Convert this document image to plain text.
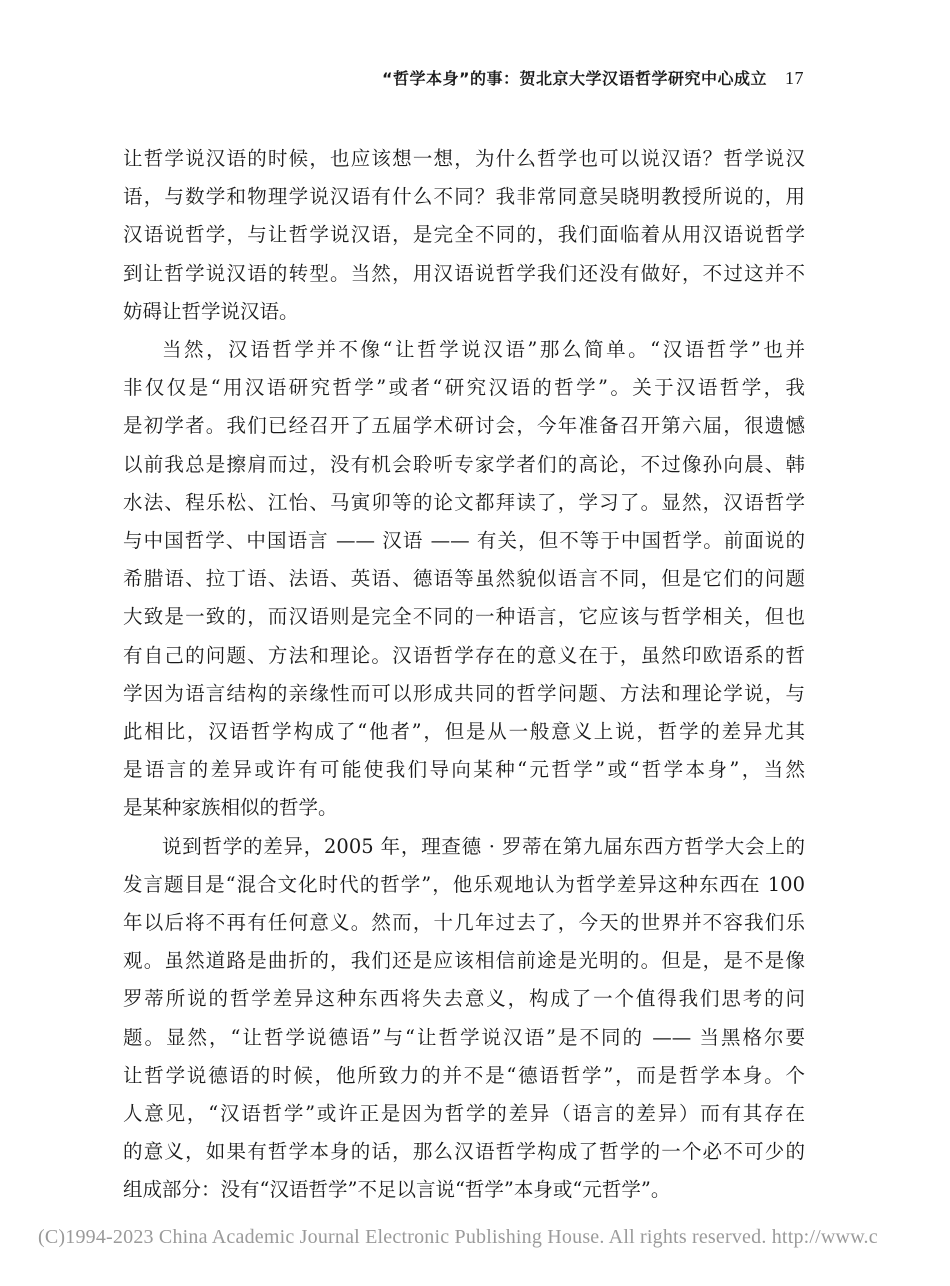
“哲学本身”的事：贺北京大学汉语哲学研究中心成立 17
让哲学说汉语的时候，也应该想一想，为什么哲学也可以说汉语？哲学说汉
语，与数学和物理学说汉语有什么不同？我非常同意吴晓明教授所说的，用
汉语说哲学，与让哲学说汉语，是完全不同的，我们面临着从用汉语说哲学
到让哲学说汉语的转型。当然，用汉语说哲学我们还没有做好，不过这并不
妨碍让哲学说汉语。
当然，汉语哲学并不像“让哲学说汉语”那么简单。“汉语哲学”也并
非仅仅是“用汉语研究哲学”或者“研究汉语的哲学”。关于汉语哲学，我
是初学者。我们已经召开了五届学术研讨会，今年准备召开第六届，很遗憾
以前我总是擦肩而过，没有机会聆听专家学者们的高论，不过像孙向晨、韩
水法、程乐松、江怡、马寅卯等的论文都拜读了，学习了。显然，汉语哲学
与中国哲学、中国语言 —— 汉语 —— 有关，但不等于中国哲学。前面说的
希腊语、拉丁语、法语、英语、德语等虽然貌似语言不同，但是它们的问题
大致是一致的，而汉语则是完全不同的一种语言，它应该与哲学相关，但也
有自己的问题、方法和理论。汉语哲学存在的意义在于，虽然印欧语系的哲
学因为语言结构的亲缘性而可以形成共同的哲学问题、方法和理论学说，与
此相比，汉语哲学构成了“他者”，但是从一般意义上说，哲学的差异尤其
是语言的差异或许有可能使我们导向某种“元哲学”或“哲学本身”，当然
是某种家族相似的哲学。
说到哲学的差异，2005 年，理查德 · 罗蒂在第九届东西方哲学大会上的
发言题目是“混合文化时代的哲学”，他乐观地认为哲学差异这种东西在 100
年以后将不再有任何意义。然而，十几年过去了，今天的世界并不容我们乐
观。虽然道路是曲折的，我们还是应该相信前途是光明的。但是，是不是像
罗蒂所说的哲学差异这种东西将失去意义，构成了一个值得我们思考的问
题。显然，“让哲学说德语”与“让哲学说汉语”是不同的 —— 当黑格尔要
让哲学说德语的时候，他所致力的并不是“德语哲学”，而是哲学本身。个
人意见，“汉语哲学”或许正是因为哲学的差异（语言的差异）而有其存在
的意义，如果有哲学本身的话，那么汉语哲学构成了哲学的一个必不可少的
组成部分：没有“汉语哲学”不足以言说“哲学”本身或“元哲学”。
(C)1994-2023 China Academic Journal Electronic Publishing House. All rights reserved. http://www.c
